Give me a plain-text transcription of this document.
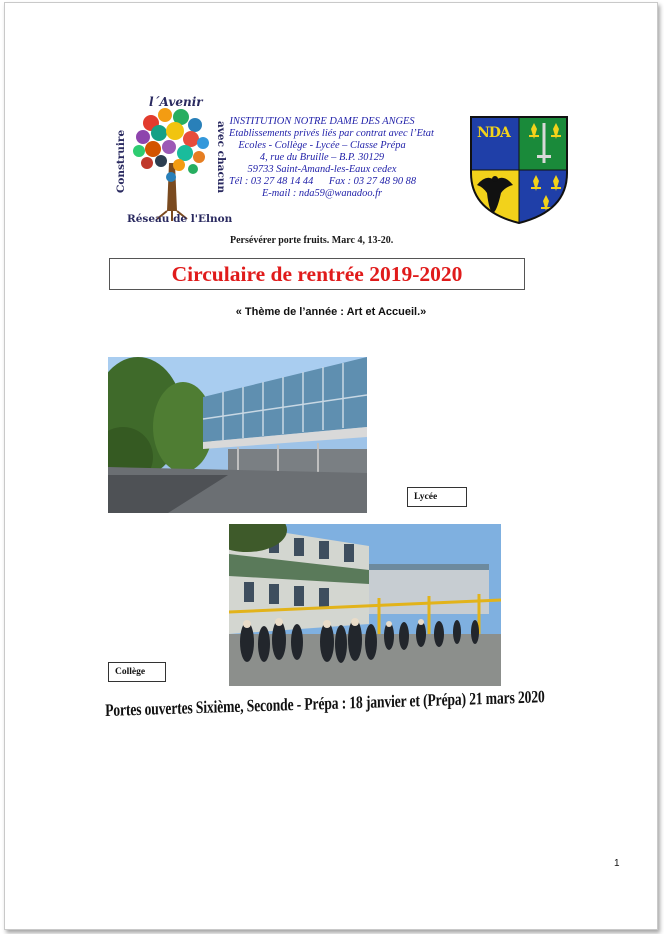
l´Avenir
Construire	avec chacun
Réseau de l'Elnon
INSTITUTION NOTRE DAME DES ANGES
Etablissements privés liés par contrat avec l’Etat
Ecoles - Collège - Lycée – Classe Prépa
4, rue du Bruille – B.P. 30129
59733 Saint-Amand-les-Eaux cedex
Tél : 03 27 48 14 44 Fax : 03 27 48 90 88
E-mail : nda59@wanadoo.fr
NDA
Persévérer porte fruits. Marc 4, 13-20.
Circulaire de rentrée 2019-2020
« Thème de l’année : Art et Accueil.»
Lycée
Collège
Portes ouvertes Sixième, Seconde - Prépa : 18 janvier et (Prépa) 21 mars 2020
1
